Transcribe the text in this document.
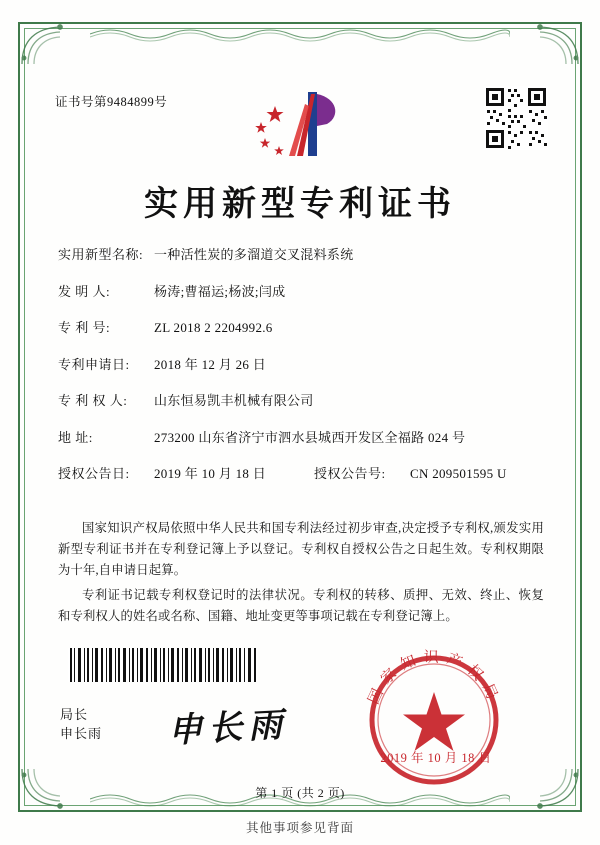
证书号第9484899号
实用新型专利证书
实用新型名称: 一种活性炭的多溜道交叉混料系统
发 明 人:	杨涛;曹福运;杨波;闫成
专 利 号:	ZL 2018 2 2204992.6
专利申请日:	2018 年 12 月 26 日
专 利 权 人:	山东恒易凯丰机械有限公司
地 址:	273200 山东省济宁市泗水县城西开发区全福路 024 号
授权公告日:	2019 年 10 月 18 日	授权公告号:	CN 209501595 U

国家知识产权局依照中华人民共和国专利法经过初步审查,决定授予专利权,颁发实用新型专利证书并在专利登记簿上予以登记。专利权自授权公告之日起生效。专利权期限为十年,自申请日起算。

专利证书记载专利权登记时的法律状况。专利权的转移、质押、无效、终止、恢复和专利权人的姓名或名称、国籍、地址变更等事项记载在专利登记簿上。

局长
申长雨 申长雨
国家知识产权局
2019 年 10 月 18 日
第 1 页 (共 2 页)
其他事项参见背面
